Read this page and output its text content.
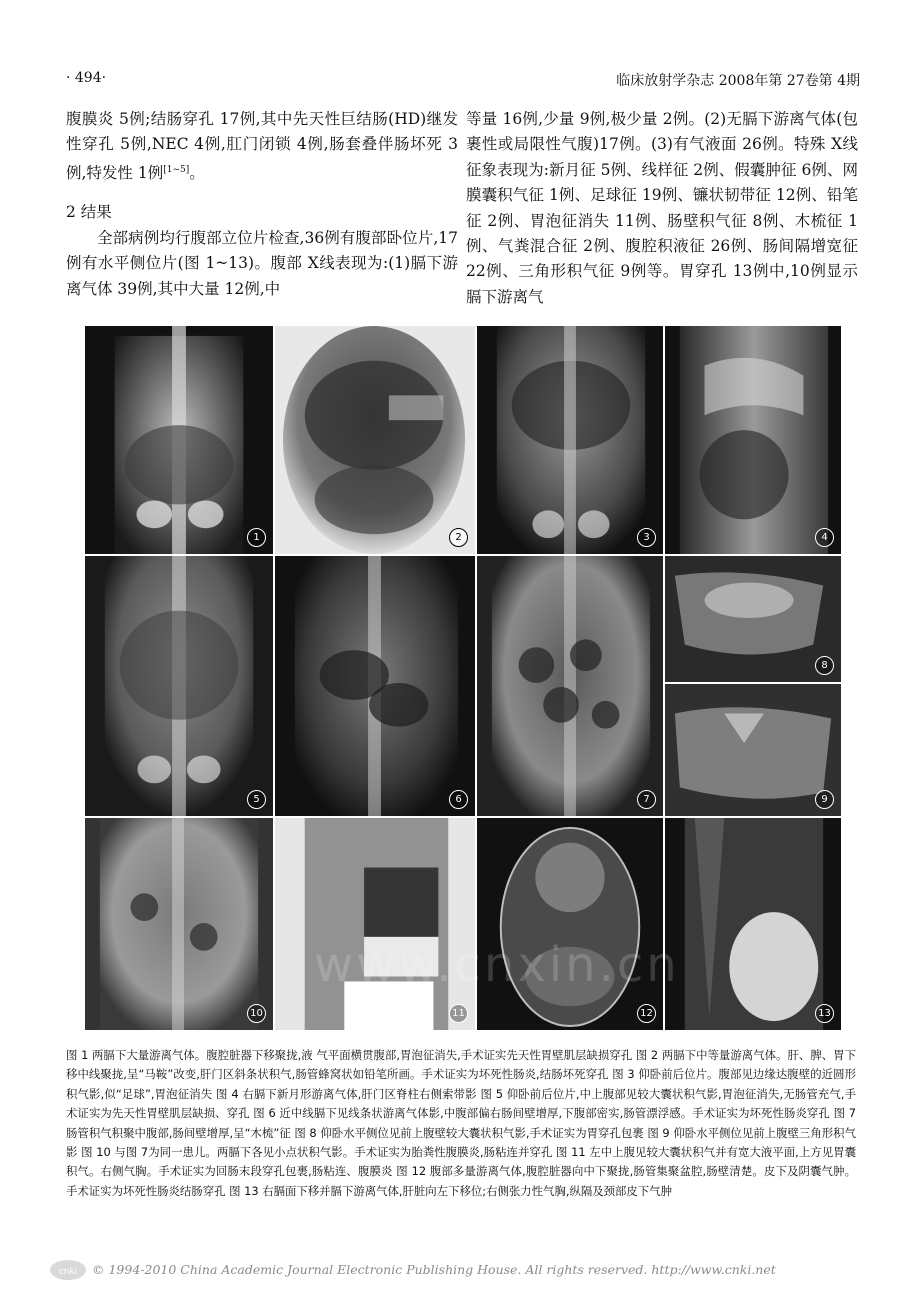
· 494·	临床放射学杂志 2008年第 27卷第 4期

腹膜炎 5例;结肠穿孔 17例,其中先天性巨结肠(HD)继发性穿孔 5例,NEC 4例,肛门闭锁 4例,肠套叠伴肠坏死 3例,特发性 1例[1~5]。

2 结果

全部病例均行腹部立位片检查,36例有腹部卧位片,17例有水平侧位片(图 1~13)。腹部 X线表现为:(1)膈下游离气体 39例,其中大量 12例,中

等量 16例,少量 9例,极少量 2例。(2)无膈下游离气体(包裹性或局限性气腹)17例。(3)有气液面 26例。特殊 X线征象表现为:新月征 5例、线样征 2例、假囊肿征 6例、网膜囊积气征 1例、足球征 19例、镰状韧带征 12例、铅笔征 2例、胃泡征消失 11例、肠壁积气征 8例、木梳征 1例、气粪混合征 2例、腹腔积液征 26例、肠间隔增宽征 22例、三角形积气征 9例等。胃穿孔 13例中,10例显示膈下游离气

1	2	3	4
5	6	7
8
9
10	11	12	13
www.cnxin.cn
图 1 两膈下大量游离气体。腹腔脏器下移聚拢,液 气平面横贯腹部,胃泡征消失,手术证实先天性胃壁肌层缺损穿孔 图 2 两膈下中等量游离气体。肝、脾、胃下移中线聚拢,呈“马鞍”改变,肝门区斜条状积气,肠管蜂窝状如铅笔所画。手术证实为坏死性肠炎,结肠坏死穿孔 图 3 仰卧前后位片。腹部见边缘达腹壁的近圆形积气影,似“足球”,胃泡征消失 图 4 右膈下新月形游离气体,肝门区脊柱右侧索带影 图 5 仰卧前后位片,中上腹部见较大囊状积气影,胃泡征消失,无肠管充气,手术证实为先天性胃壁肌层缺损、穿孔 图 6 近中线膈下见线条状游离气体影,中腹部偏右肠间壁增厚,下腹部密实,肠管漂浮感。手术证实为坏死性肠炎穿孔 图 7 肠管积气积聚中腹部,肠间壁增厚,呈“木梳”征 图 8 仰卧水平侧位见前上腹壁较大囊状积气影,手术证实为胃穿孔包裹 图 9 仰卧水平侧位见前上腹壁三角形积气影 图 10 与图 7为同一患儿。两膈下各见小点状积气影。手术证实为胎粪性腹膜炎,肠粘连并穿孔 图 11 左中上腹见较大囊状积气并有宽大液平面,上方见胃囊积气。右侧气胸。手术证实为回肠末段穿孔包裹,肠粘连、腹膜炎 图 12 腹部多量游离气体,腹腔脏器向中下聚拢,肠管集聚盆腔,肠壁清楚。皮下及阴囊气肿。手术证实为坏死性肠炎结肠穿孔 图 13 右膈面下移并膈下游离气体,肝脏向左下移位;右侧张力性气胸,纵隔及颈部皮下气肿
cnki © 1994-2010 China Academic Journal Electronic Publishing House. All rights reserved. http://www.cnki.net
